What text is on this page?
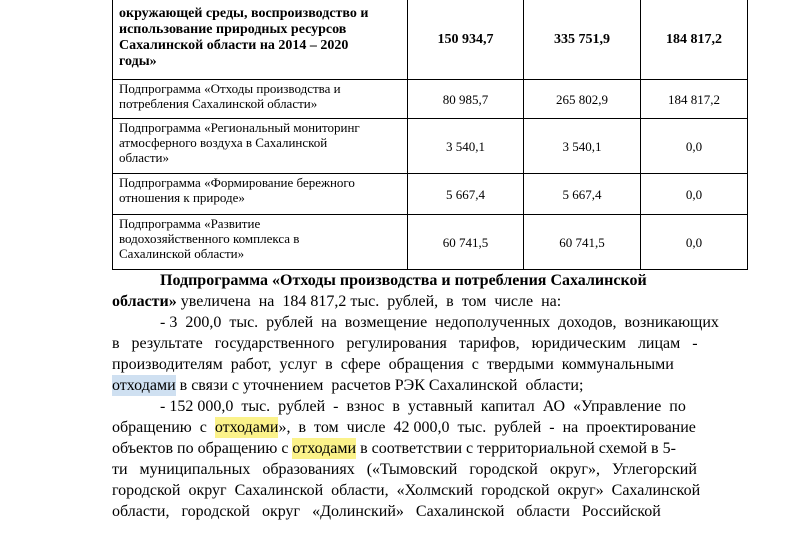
окружающей среды, воспроизводство и
использование природных ресурсов
Сахалинской области на 2014 – 2020
годы»	150 934,7	335 751,9	184 817,2

Подпрограмма «Отходы производства и
потребления Сахалинской области»	80 985,7	265 802,9	184 817,2

Подпрограмма «Региональный мониторинг
атмосферного воздуха в Сахалинской
области»	3 540,1	3 540,1	0,0

Подпрограмма «Формирование бережного
отношения к природе»	5 667,4	5 667,4	0,0

Подпрограмма «Развитие
водохозяйственного комплекса в
Сахалинской области»	60 741,5	60 741,5	0,0
Подпрограмма «Отходы производства и потребления Сахалинской
области» увеличена  на  184 817,2 тыс.  рублей,  в  том  числе  на:
- 3  200,0  тыс.  рублей  на  возмещение  недополученных  доходов,  возникающих
в   результате   государственного   регулирования   тарифов,   юридическим   лицам   -
производителям  работ,  услуг  в  сфере  обращения  с  твердыми  коммунальными
отходами в связи с уточнением  расчетов РЭК Сахалинской  области;
- 152 000,0  тыс.  рублей  -  взнос  в  уставный  капитал  АО  «Управление  по
обращению  с отходами »,  в  том  числе  42 000,0  тыс.  рублей  -  на  проектирование
объектов по обращению с отходами в соответствии с территориальной схемой в 5-
ти   муниципальных   образованиях   («Тымовский   городской   округ»,   Углегорский
городской  округ  Сахалинской  области,  «Холмский  городской  округ»  Сахалинской
области,   городской   округ   «Долинский»   Сахалинской   области   Российской
